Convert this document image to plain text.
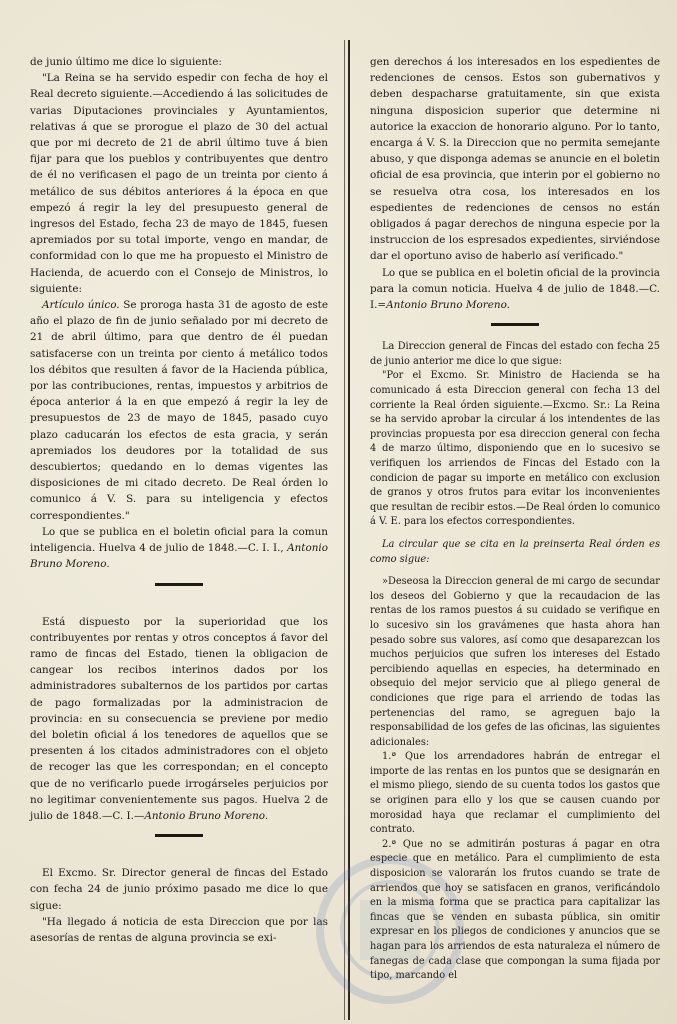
de junio último me dice lo siguiente:

"La Reina se ha servido espedir con fecha de hoy el Real decreto siguiente.—Accediendo á las solicitudes de varias Diputaciones provinciales y Ayuntamientos, relativas á que se prorogue el plazo de 30 del actual que por mi decreto de 21 de abril último tuve á bien fijar para que los pueblos y contribuyentes que dentro de él no verificasen el pago de un treinta por ciento á metálico de sus débitos anteriores á la época en que empezó á regir la ley del presupuesto general de ingresos del Estado, fecha 23 de mayo de 1845, fuesen apremiados por su total importe, vengo en mandar, de conformidad con lo que me ha propuesto el Ministro de Hacienda, de acuerdo con el Consejo de Ministros, lo siguiente:

Artículo único. Se proroga hasta 31 de agosto de este año el plazo de fin de junio señalado por mi decreto de 21 de abril último, para que dentro de él puedan satisfacerse con un treinta por ciento á metálico todos los débitos que resulten á favor de la Hacienda pública, por las contribuciones, rentas, impuestos y arbitrios de época anterior á la en que empezó á regir la ley de presupuestos de 23 de mayo de 1845, pasado cuyo plazo caducarán los efectos de esta gracia, y serán apremiados los deudores por la totalidad de sus descubiertos; quedando en lo demas vigentes las disposiciones de mi citado decreto. De Real órden lo comunico á V. S. para su inteligencia y efectos correspondientes."

Lo que se publica en el boletin oficial para la comun inteligencia. Huelva 4 de julio de 1848.—C. I. I., Antonio Bruno Moreno.

Está dispuesto por la superioridad que los contribuyentes por rentas y otros conceptos á favor del ramo de fincas del Estado, tienen la obligacion de cangear los recibos interinos dados por los administradores subalternos de los partidos por cartas de pago formalizadas por la administracion de provincia: en su consecuencia se previene por medio del boletin oficial á los tenedores de aquellos que se presenten á los citados administradores con el objeto de recoger las que les correspondan; en el concepto que de no verificarlo puede irrogárseles perjuicios por no legitimar convenientemente sus pagos. Huelva 2 de julio de 1848.—C. I.—Antonio Bruno Moreno.

El Excmo. Sr. Director general de fincas del Estado con fecha 24 de junio próximo pasado me dice lo que sigue:

"Ha llegado á noticia de esta Direccion que por las asesorías de rentas de alguna provincia se exi-

gen derechos á los interesados en los espedientes de redenciones de censos. Estos son gubernativos y deben despacharse gratuitamente, sin que exista ninguna disposicion superior que determine ni autorice la exaccion de honorario alguno. Por lo tanto, encarga á V. S. la Direccion que no permita semejante abuso, y que disponga ademas se anuncie en el boletin oficial de esa provincia, que interin por el gobierno no se resuelva otra cosa, los interesados en los espedientes de redenciones de censos no están obligados á pagar derechos de ninguna especie por la instruccion de los espresados expedientes, sirviéndose dar el oportuno aviso de haberlo así verificado."

Lo que se publica en el boletin oficial de la provincia para la comun noticia. Huelva 4 de julio de 1848.—C. I.=Antonio Bruno Moreno.

La Direccion general de Fincas del estado con fecha 25 de junio anterior me dice lo que sigue:

"Por el Excmo. Sr. Ministro de Hacienda se ha comunicado á esta Direccion general con fecha 13 del corriente la Real órden siguiente.—Excmo. Sr.: La Reina se ha servido aprobar la circular á los intendentes de las provincias propuesta por esa direccion general con fecha 4 de marzo último, disponiendo que en lo sucesivo se verifiquen los arriendos de Fincas del Estado con la condicion de pagar su importe en metálico con exclusion de granos y otros frutos para evitar los inconvenientes que resultan de recibir estos.—De Real órden lo comunico á V. E. para los efectos correspondientes.

La circular que se cita en la preinserta Real órden es como sigue:

»Deseosa la Direccion general de mi cargo de secundar los deseos del Gobierno y que la recaudacion de las rentas de los ramos puestos á su cuidado se verifique en lo sucesivo sin los gravámenes que hasta ahora han pesado sobre sus valores, así como que desaparezcan los muchos perjuicios que sufren los intereses del Estado percibiendo aquellas en especies, ha determinado en obsequio del mejor servicio que al pliego general de condiciones que rige para el arriendo de todas las pertenencias del ramo, se agreguen bajo la responsabilidad de los gefes de las oficinas, las siguientes adicionales:

1.ª Que los arrendadores habrán de entregar el importe de las rentas en los puntos que se designarán en el mismo pliego, siendo de su cuenta todos los gastos que se originen para ello y los que se causen cuando por morosidad haya que reclamar el cumplimiento del contrato.

2.ª Que no se admitirán posturas á pagar en otra especie que en metálico. Para el cumplimiento de esta disposicion se valorarán los frutos cuando se trate de arriendos que hoy se satisfacen en granos, verificándolo en la misma forma que se practica para capitalizar las fincas que se venden en subasta pública, sin omitir expresar en los pliegos de condiciones y anuncios que se hagan para los arriendos de esta naturaleza el número de fanegas de cada clase que compongan la suma fijada por tipo, marcando el
